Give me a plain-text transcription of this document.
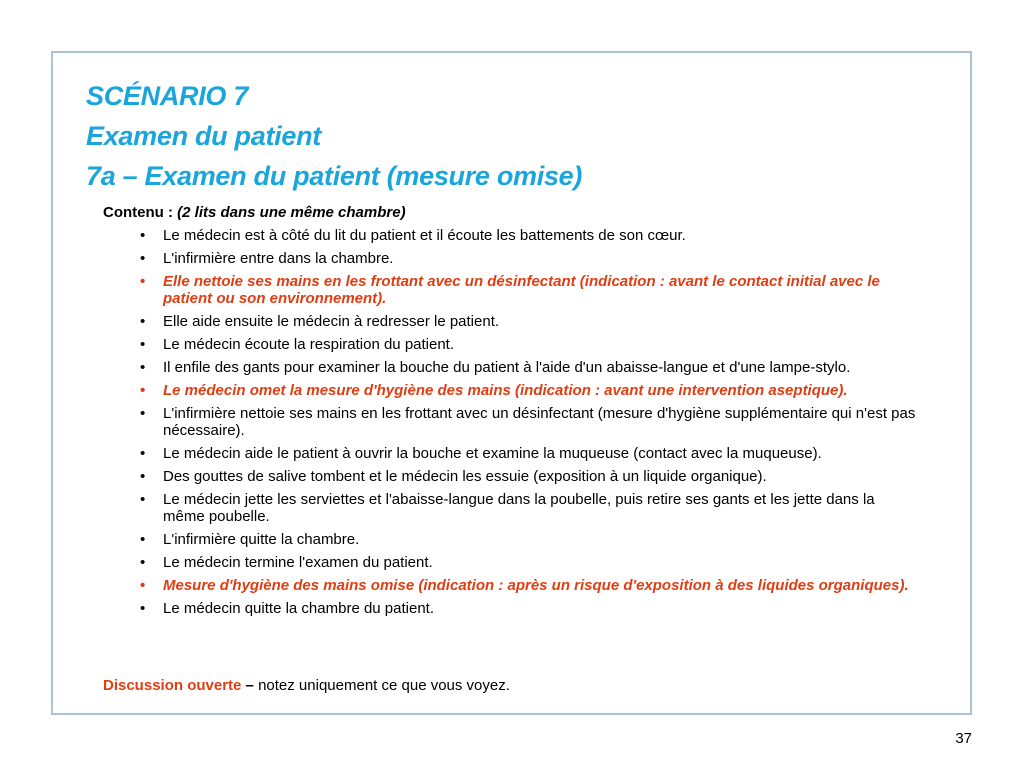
SCÉNARIO 7
Examen du patient
7a – Examen du patient (mesure omise)
Contenu : (2 lits dans une même chambre)
• Le médecin est à côté du lit du patient et il écoute les battements de son cœur.
• L'infirmière entre dans la chambre.
• Elle nettoie ses mains en les frottant avec un désinfectant (indication : avant le contact initial avec le patient ou son environnement).
• Elle aide ensuite le médecin à redresser le patient.
• Le médecin écoute la respiration du patient.
• Il enfile des gants pour examiner la bouche du patient à l'aide d'un abaisse-langue et d'une lampe-stylo.
• Le médecin omet la mesure d'hygiène des mains (indication : avant une intervention aseptique).
• L'infirmière nettoie ses mains en les frottant avec un désinfectant (mesure d'hygiène supplémentaire qui n'est pas nécessaire).
• Le médecin aide le patient à ouvrir la bouche et examine la muqueuse (contact avec la muqueuse).
• Des gouttes de salive tombent et le médecin les essuie (exposition à un liquide organique).
• Le médecin jette les serviettes et l'abaisse-langue dans la poubelle, puis retire ses gants et les jette dans la même poubelle.
• L'infirmière quitte la chambre.
• Le médecin termine l'examen du patient.
• Mesure d'hygiène des mains omise (indication : après un risque d'exposition à des liquides organiques).
• Le médecin quitte la chambre du patient.
Discussion ouverte – notez uniquement ce que vous voyez.
37
